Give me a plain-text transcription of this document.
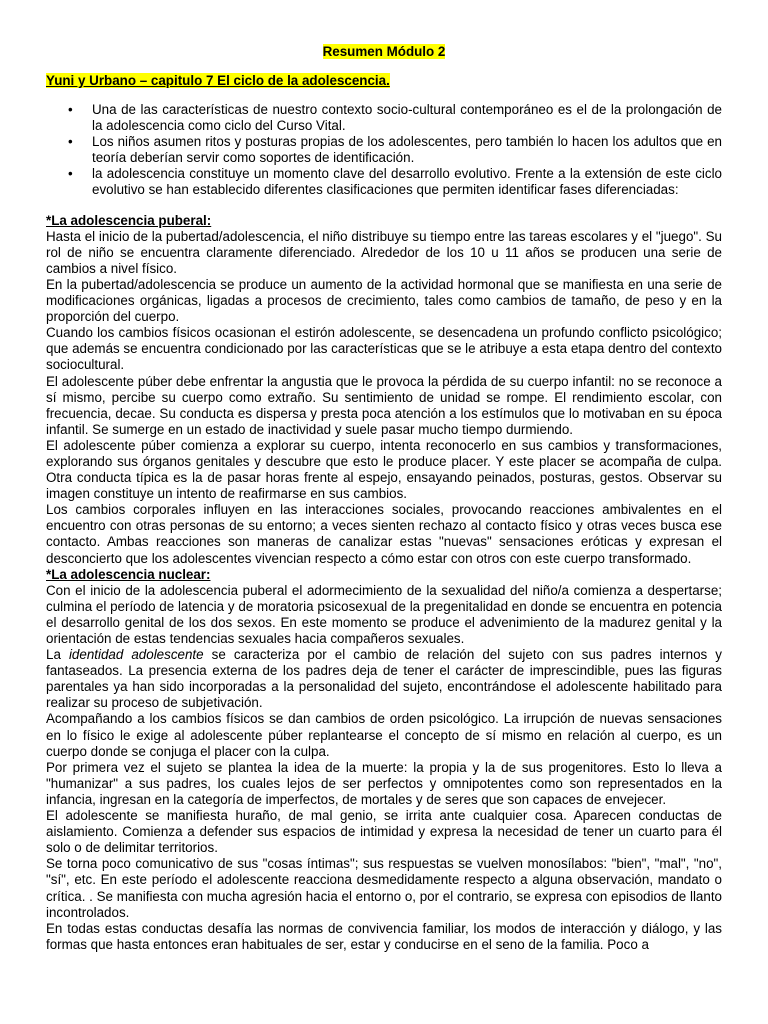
Resumen Módulo 2
Yuni y Urbano – capitulo 7 El ciclo de la adolescencia.
• Una de las características de nuestro contexto socio-cultural contemporáneo es el de la prolongación de la adolescencia como ciclo del Curso Vital.
• Los niños asumen ritos y posturas propias de los adolescentes, pero también lo hacen los adultos que en teoría deberían servir como soportes de identificación.
• la adolescencia constituye un momento clave del desarrollo evolutivo. Frente a la extensión de este ciclo evolutivo se han establecido diferentes clasificaciones que permiten identificar fases diferenciadas:
*La adolescencia puberal:

Hasta el inicio de la pubertad/adolescencia, el niño distribuye su tiempo entre las tareas escolares y el "juego". Su rol de niño se encuentra claramente diferenciado. Alrededor de los 10 u 11 años se producen una serie de cambios a nivel físico.

En la pubertad/adolescencia se produce un aumento de la actividad hormonal que se manifiesta en una serie de modificaciones orgánicas, ligadas a procesos de crecimiento, tales como cambios de tamaño, de peso y en la proporción del cuerpo.

Cuando los cambios físicos ocasionan el estirón adolescente, se desencadena un profundo conflicto psicológico; que además se encuentra condicionado por las características que se le atribuye a esta etapa dentro del contexto sociocultural.

El adolescente púber debe enfrentar la angustia que le provoca la pérdida de su cuerpo infantil: no se reconoce a sí mismo, percibe su cuerpo como extraño. Su sentimiento de unidad se rompe. El rendimiento escolar, con frecuencia, decae. Su conducta es dispersa y presta poca atención a los estímulos que lo motivaban en su época infantil. Se sumerge en un estado de inactividad y suele pasar mucho tiempo durmiendo.

El adolescente púber comienza a explorar su cuerpo, intenta reconocerlo en sus cambios y transformaciones, explorando sus órganos genitales y descubre que esto le produce placer. Y este placer se acompaña de culpa. Otra conducta típica es la de pasar horas frente al espejo, ensayando peinados, posturas, gestos. Observar su imagen constituye un intento de reafirmarse en sus cambios.

Los cambios corporales influyen en las interacciones sociales, provocando reacciones ambivalentes en el encuentro con otras personas de su entorno; a veces sienten rechazo al contacto físico y otras veces busca ese contacto. Ambas reacciones son maneras de canalizar estas "nuevas" sensaciones eróticas y expresan el desconcierto que los adolescentes vivencian respecto a cómo estar con otros con este cuerpo transformado.

*La adolescencia nuclear:

Con el inicio de la adolescencia puberal el adormecimiento de la sexualidad del niño/a comienza a despertarse; culmina el período de latencia y de moratoria psicosexual de la pregenitalidad en donde se encuentra en potencia el desarrollo genital de los dos sexos. En este momento se produce el advenimiento de la madurez genital y la orientación de estas tendencias sexuales hacia compañeros sexuales.

La identidad adolescente se caracteriza por el cambio de relación del sujeto con sus padres internos y fantaseados. La presencia externa de los padres deja de tener el carácter de imprescindible, pues las figuras parentales ya han sido incorporadas a la personalidad del sujeto, encontrándose el adolescente habilitado para realizar su proceso de subjetivación.

Acompañando a los cambios físicos se dan cambios de orden psicológico. La irrupción de nuevas sensaciones en lo físico le exige al adolescente púber replantearse el concepto de sí mismo en relación al cuerpo, es un cuerpo donde se conjuga el placer con la culpa.

Por primera vez el sujeto se plantea la idea de la muerte: la propia y la de sus progenitores. Esto lo lleva a "humanizar" a sus padres, los cuales lejos de ser perfectos y omnipotentes como son representados en la infancia, ingresan en la categoría de imperfectos, de mortales y de seres que son capaces de envejecer.

El adolescente se manifiesta huraño, de mal genio, se irrita ante cualquier cosa. Aparecen conductas de aislamiento. Comienza a defender sus espacios de intimidad y expresa la necesidad de tener un cuarto para él solo o de delimitar territorios.

Se torna poco comunicativo de sus "cosas íntimas"; sus respuestas se vuelven monosílabos: "bien", "mal", "no", "sí", etc. En este período el adolescente reacciona desmedidamente respecto a alguna observación, mandato o crítica. . Se manifiesta con mucha agresión hacia el entorno o, por el contrario, se expresa con episodios de llanto incontrolados.

En todas estas conductas desafía las normas de convivencia familiar, los modos de interacción y diálogo, y las formas que hasta entonces eran habituales de ser, estar y conducirse en el seno de la familia. Poco a
